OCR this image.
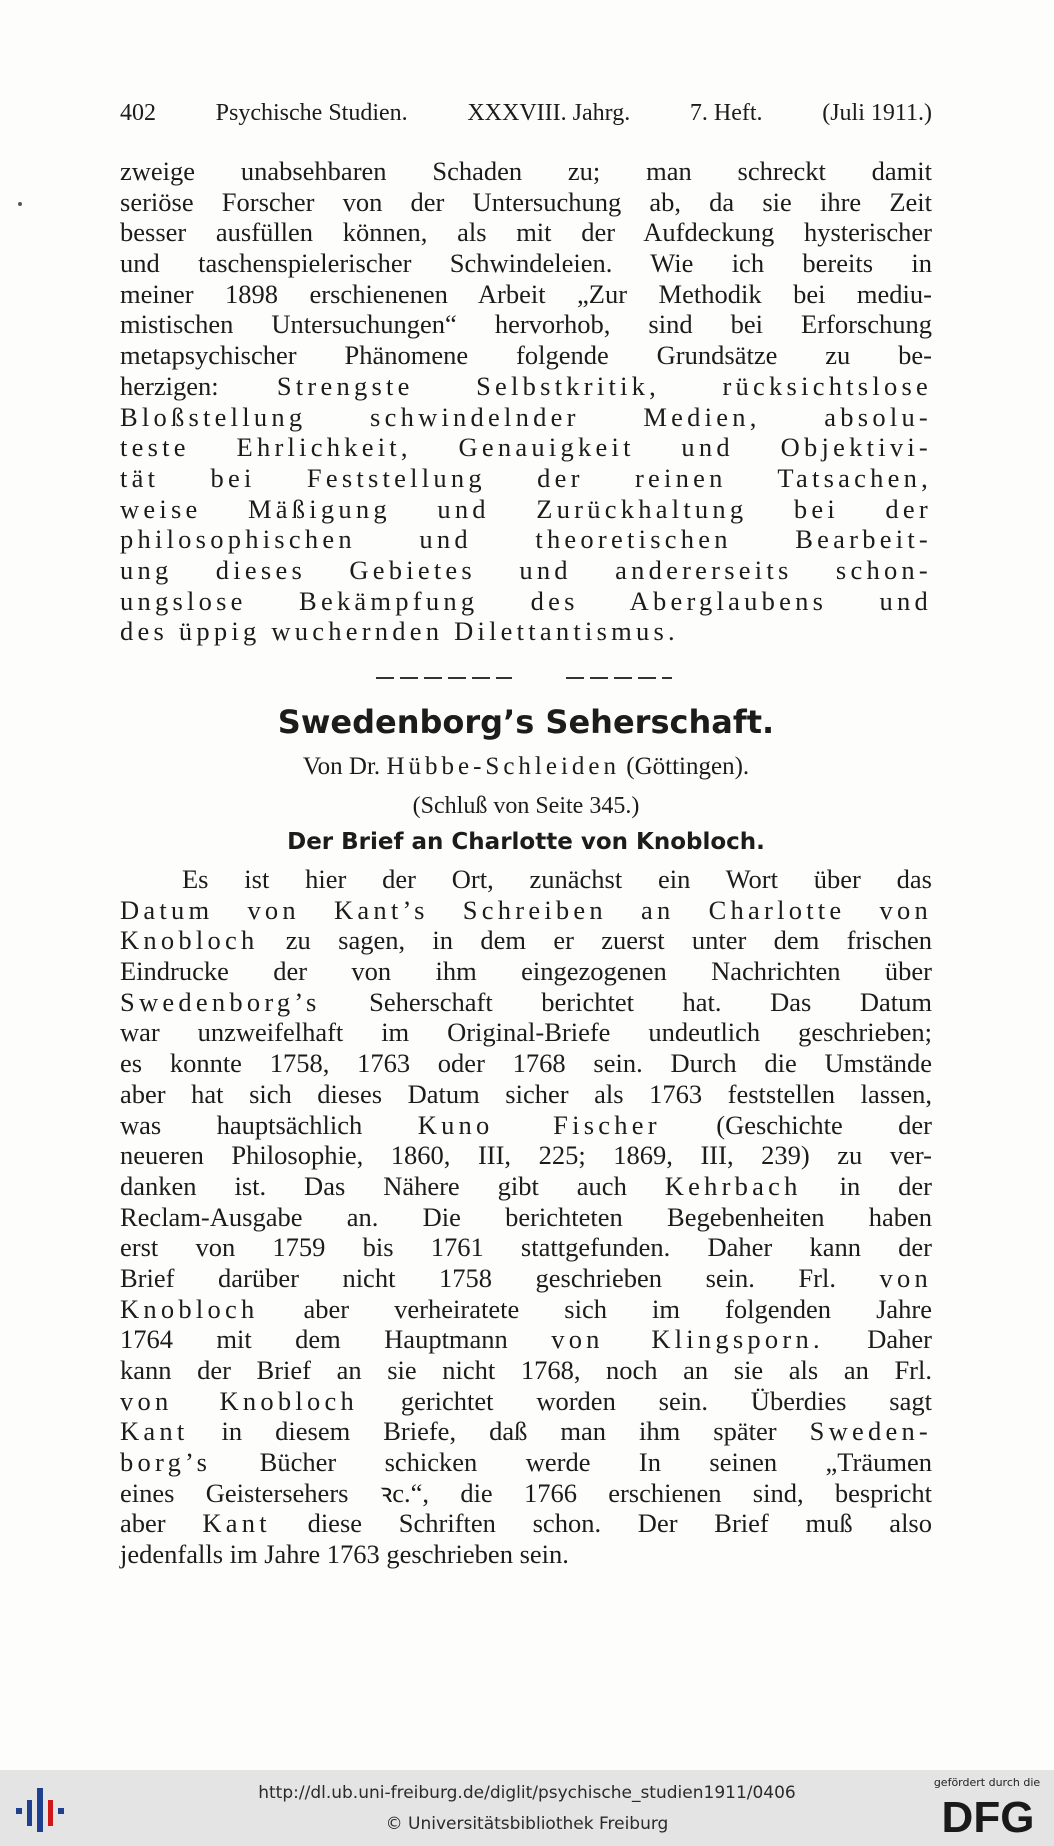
402 Psychische Studien. XXXVIII. Jahrg. 7. Heft. (Juli 1911.)
zweige unabsehbaren Schaden zu; man schreckt damit
seriöse Forscher von der Untersuchung ab, da sie ihre Zeit
besser ausfüllen können, als mit der Aufdeckung hysterischer
und taschenspielerischer Schwindeleien. Wie ich bereits in
meiner 1898 erschienenen Arbeit „Zur Methodik bei mediu-
mistischen Untersuchungen“ hervorhob, sind bei Erforschung
metapsychischer Phänomene folgende Grundsätze zu be-
herzigen: Strengste Selbstkritik, rücksichtslose
Bloßstellung schwindelnder Medien, absolu-
teste Ehrlichkeit, Genauigkeit und Objektivi-
tät bei Feststellung der reinen Tatsachen,
weise Mäßigung und Zurückhaltung bei der
philosophischen und theoretischen Bearbeit-
ung dieses Gebietes und andererseits schon-
ungslose Bekämpfung des Aberglaubens und
des üppig wuchernden Dilettantismus.
Swedenborg’s Seherschaft.
Von Dr. Hübbe-Schleiden (Göttingen).
(Schluß von Seite 345.)
Der Brief an Charlotte von Knobloch.
Es ist hier der Ort, zunächst ein Wort über das
Datum von Kant’s Schreiben an Charlotte von
Knobloch zu sagen, in dem er zuerst unter dem frischen
Eindrucke der von ihm eingezogenen Nachrichten über
Swedenborg’s Seherschaft berichtet hat. Das Datum
war unzweifelhaft im Original-Briefe undeutlich geschrieben;
es konnte 1758, 1763 oder 1768 sein. Durch die Umstände
aber hat sich dieses Datum sicher als 1763 feststellen lassen,
was hauptsächlich Kuno Fischer (Geschichte der
neueren Philosophie, 1860, III, 225; 1869, III, 239) zu ver-
danken ist. Das Nähere gibt auch Kehrbach in der
Reclam-Ausgabe an. Die berichteten Begebenheiten haben
erst von 1759 bis 1761 stattgefunden. Daher kann der
Brief darüber nicht 1758 geschrieben sein. Frl. von
Knobloch aber verheiratete sich im folgenden Jahre
1764 mit dem Hauptmann von Klingsporn. Daher
kann der Brief an sie nicht 1768, noch an sie als an Frl.
von Knobloch gerichtet worden sein. Überdies sagt
Kant in diesem Briefe, daß man ihm später Sweden-
borg’s Bücher schicken werde In seinen „Träumen
eines Geistersehers ꝛc.“, die 1766 erschienen sind, bespricht
aber Kant diese Schriften schon. Der Brief muß also
jedenfalls im Jahre 1763 geschrieben sein.
http://dl.ub.uni-freiburg.de/diglit/psychische_studien1911/0406
© Universitätsbibliothek Freiburg
gefördert durch die
DFG
